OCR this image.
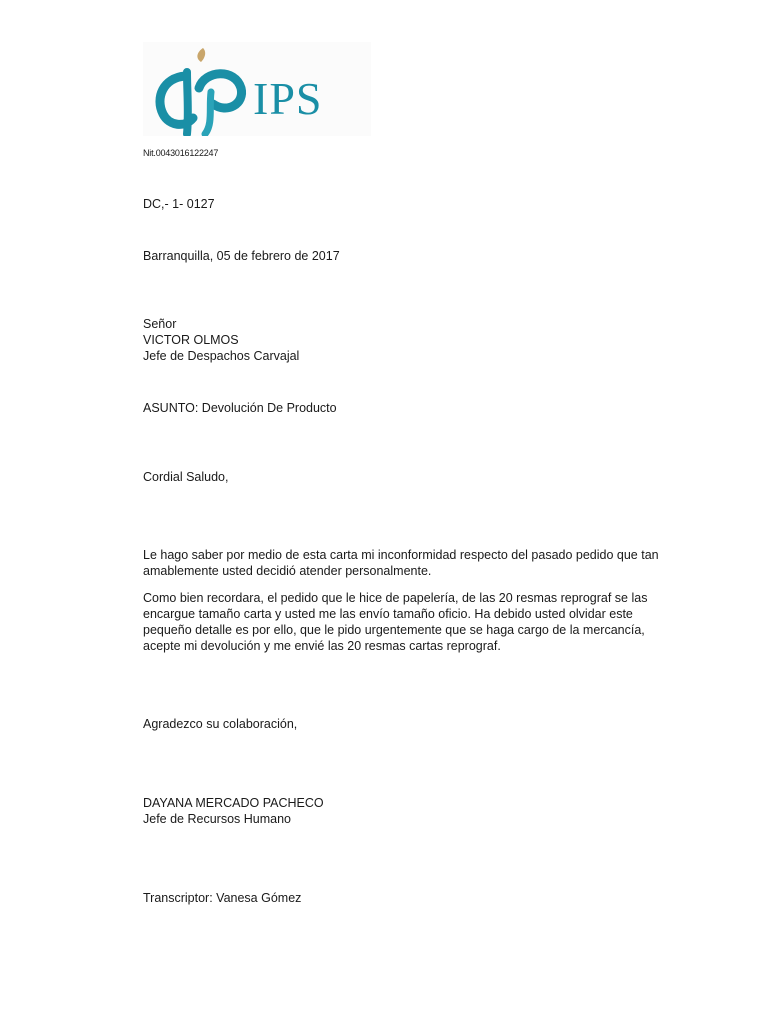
IPS

Nit.0043016122247

DC,- 1- 0127

Barranquilla, 05 de febrero de 2017

Señor
VICTOR OLMOS
Jefe de Despachos Carvajal

ASUNTO: Devolución De Producto

Cordial Saludo,

Le hago saber por medio de esta carta mi inconformidad respecto del pasado pedido que tan
amablemente usted decidió atender personalmente.
Como bien recordara, el pedido que le hice de papelería, de las 20 resmas reprograf se las
encargue tamaño carta y usted me las envío tamaño oficio. Ha debido usted olvidar este
pequeño detalle es por ello, que le pido urgentemente que se haga cargo de la mercancía,
acepte mi devolución y me envié las 20 resmas cartas reprograf.

Agradezco su colaboración,

DAYANA MERCADO PACHECO
Jefe de Recursos Humano

Transcriptor: Vanesa Gómez
